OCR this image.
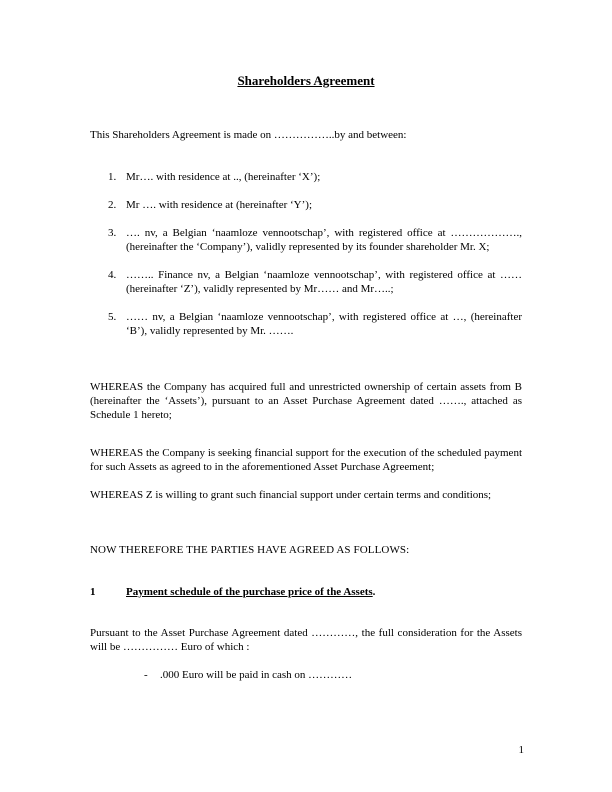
Shareholders Agreement
This Shareholders Agreement is made on ……………..by and between:
1. Mr…. with residence at .., (hereinafter ‘X’);
2. Mr …. with residence at (hereinafter ‘Y’);
3. …. nv, a Belgian ‘naamloze vennootschap’, with registered office at ………………., (hereinafter the ‘Company’), validly represented by its founder shareholder Mr. X;
4. …….. Finance nv, a Belgian ‘naamloze vennootschap’, with registered office at …… (hereinafter ‘Z’), validly represented by Mr…… and Mr…..;
5. …… nv, a Belgian ‘naamloze vennootschap’, with registered office at …, (hereinafter ‘B’), validly represented by Mr. …….
WHEREAS the Company has acquired full and unrestricted ownership of certain assets from B (hereinafter the ‘Assets’), pursuant to an Asset Purchase Agreement dated ……., attached as Schedule 1 hereto;
WHEREAS the Company is seeking financial support for the execution of the scheduled payment for such Assets as agreed to in the aforementioned Asset Purchase Agreement;
WHEREAS Z is willing to grant such financial support under certain terms and conditions;
NOW THEREFORE THE PARTIES HAVE AGREED AS FOLLOWS:
1	Payment schedule of the purchase price of the Assets.
Pursuant to the Asset Purchase Agreement dated …………, the full consideration for the Assets will be …………… Euro of which :
- .000 Euro will be paid in cash on …………
1
